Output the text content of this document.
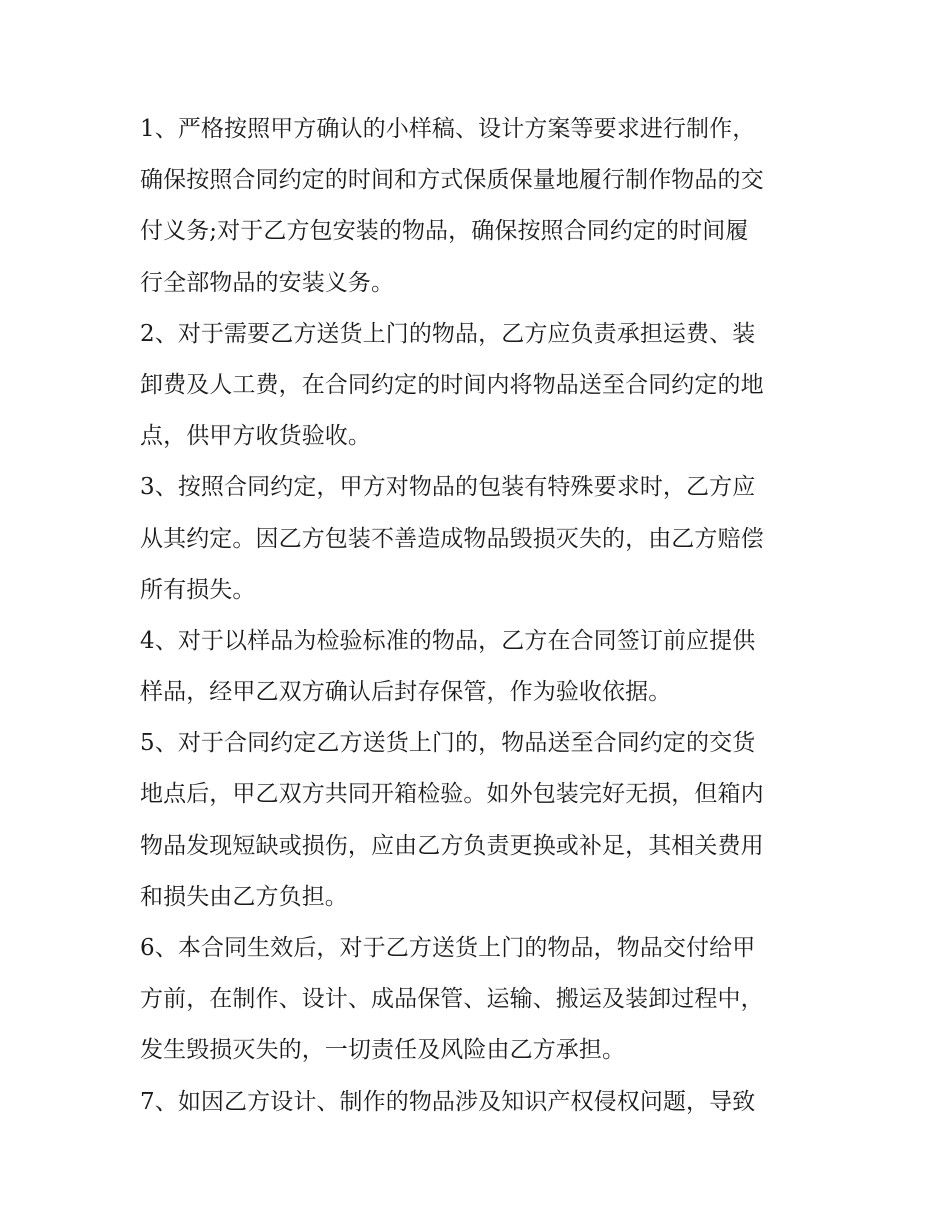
1、严格按照甲方确认的小样稿、设计方案等要求进行制作，
确保按照合同约定的时间和方式保质保量地履行制作物品的交
付义务;对于乙方包安装的物品，确保按照合同约定的时间履
行全部物品的安装义务。
2、对于需要乙方送货上门的物品，乙方应负责承担运费、装
卸费及人工费，在合同约定的时间内将物品送至合同约定的地
点，供甲方收货验收。
3、按照合同约定，甲方对物品的包装有特殊要求时，乙方应
从其约定。因乙方包装不善造成物品毁损灭失的，由乙方赔偿
所有损失。
4、对于以样品为检验标准的物品，乙方在合同签订前应提供
样品，经甲乙双方确认后封存保管，作为验收依据。
5、对于合同约定乙方送货上门的，物品送至合同约定的交货
地点后，甲乙双方共同开箱检验。如外包装完好无损，但箱内
物品发现短缺或损伤，应由乙方负责更换或补足，其相关费用
和损失由乙方负担。
6、本合同生效后，对于乙方送货上门的物品，物品交付给甲
方前，在制作、设计、成品保管、运输、搬运及装卸过程中，
发生毁损灭失的，一切责任及风险由乙方承担。
7、如因乙方设计、制作的物品涉及知识产权侵权问题，导致
